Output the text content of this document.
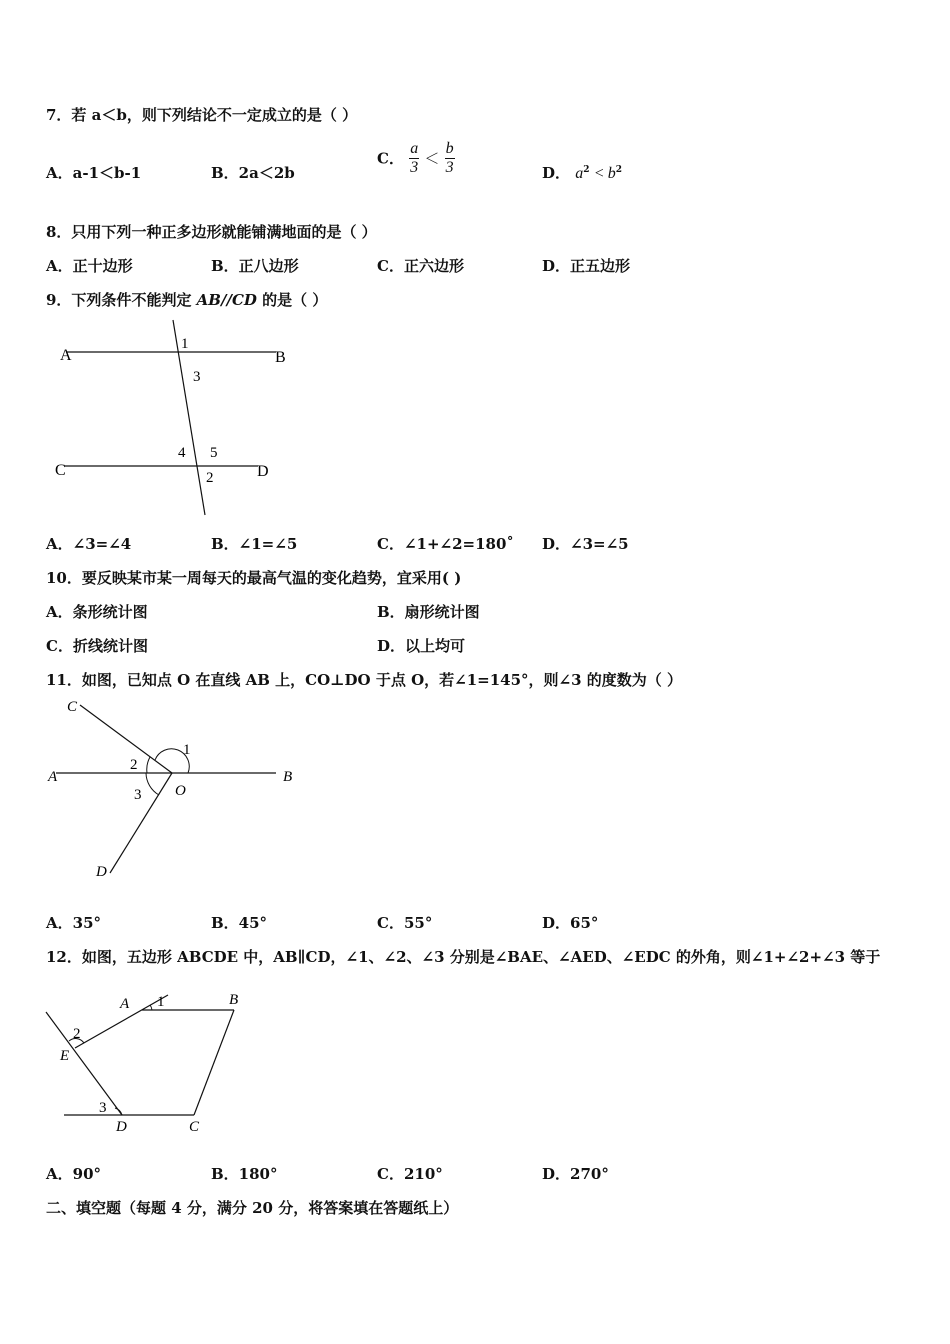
7．若 a＜b，则下列结论不一定成立的是（ ）
A．a-1＜b-1	B．2a＜2b
C． $\frac{a}{3} < \frac{b}{3}$	D． $a^2 < b^2$
8．只用下列一种正多边形就能铺满地面的是（ ）
A．正十边形	B．正八边形	C．正六边形	D．正五边形
9．下列条件不能判定 AB//CD 的是（ ）
A	B
C	D
1
3
4 5
2
A．∠3=∠4	B．∠1=∠5	C．∠1+∠2=180˚ D．∠3=∠5
10．要反映某市某一周每天的最高气温的变化趋势，宜采用( )
A．条形统计图	B．扇形统计图
C．折线统计图	D．以上均可
11．如图，已知点 O 在直线 AB 上，CO⊥DO 于点 O，若∠1=145°，则∠3 的度数为（ ）
C
A	B
O
D
1
2
3
A．35°	B．45°	C．55°	D．65°
12．如图，五边形 ABCDE 中，AB∥CD，∠1、∠2、∠3 分别是∠BAE、∠AED、∠EDC 的外角，则∠1+∠2+∠3 等于
A	B
E
D	C
1
2
3
A．90°	B．180°	C．210°	D．270°
二、填空题（每题 4 分，满分 20 分，将答案填在答题纸上）
